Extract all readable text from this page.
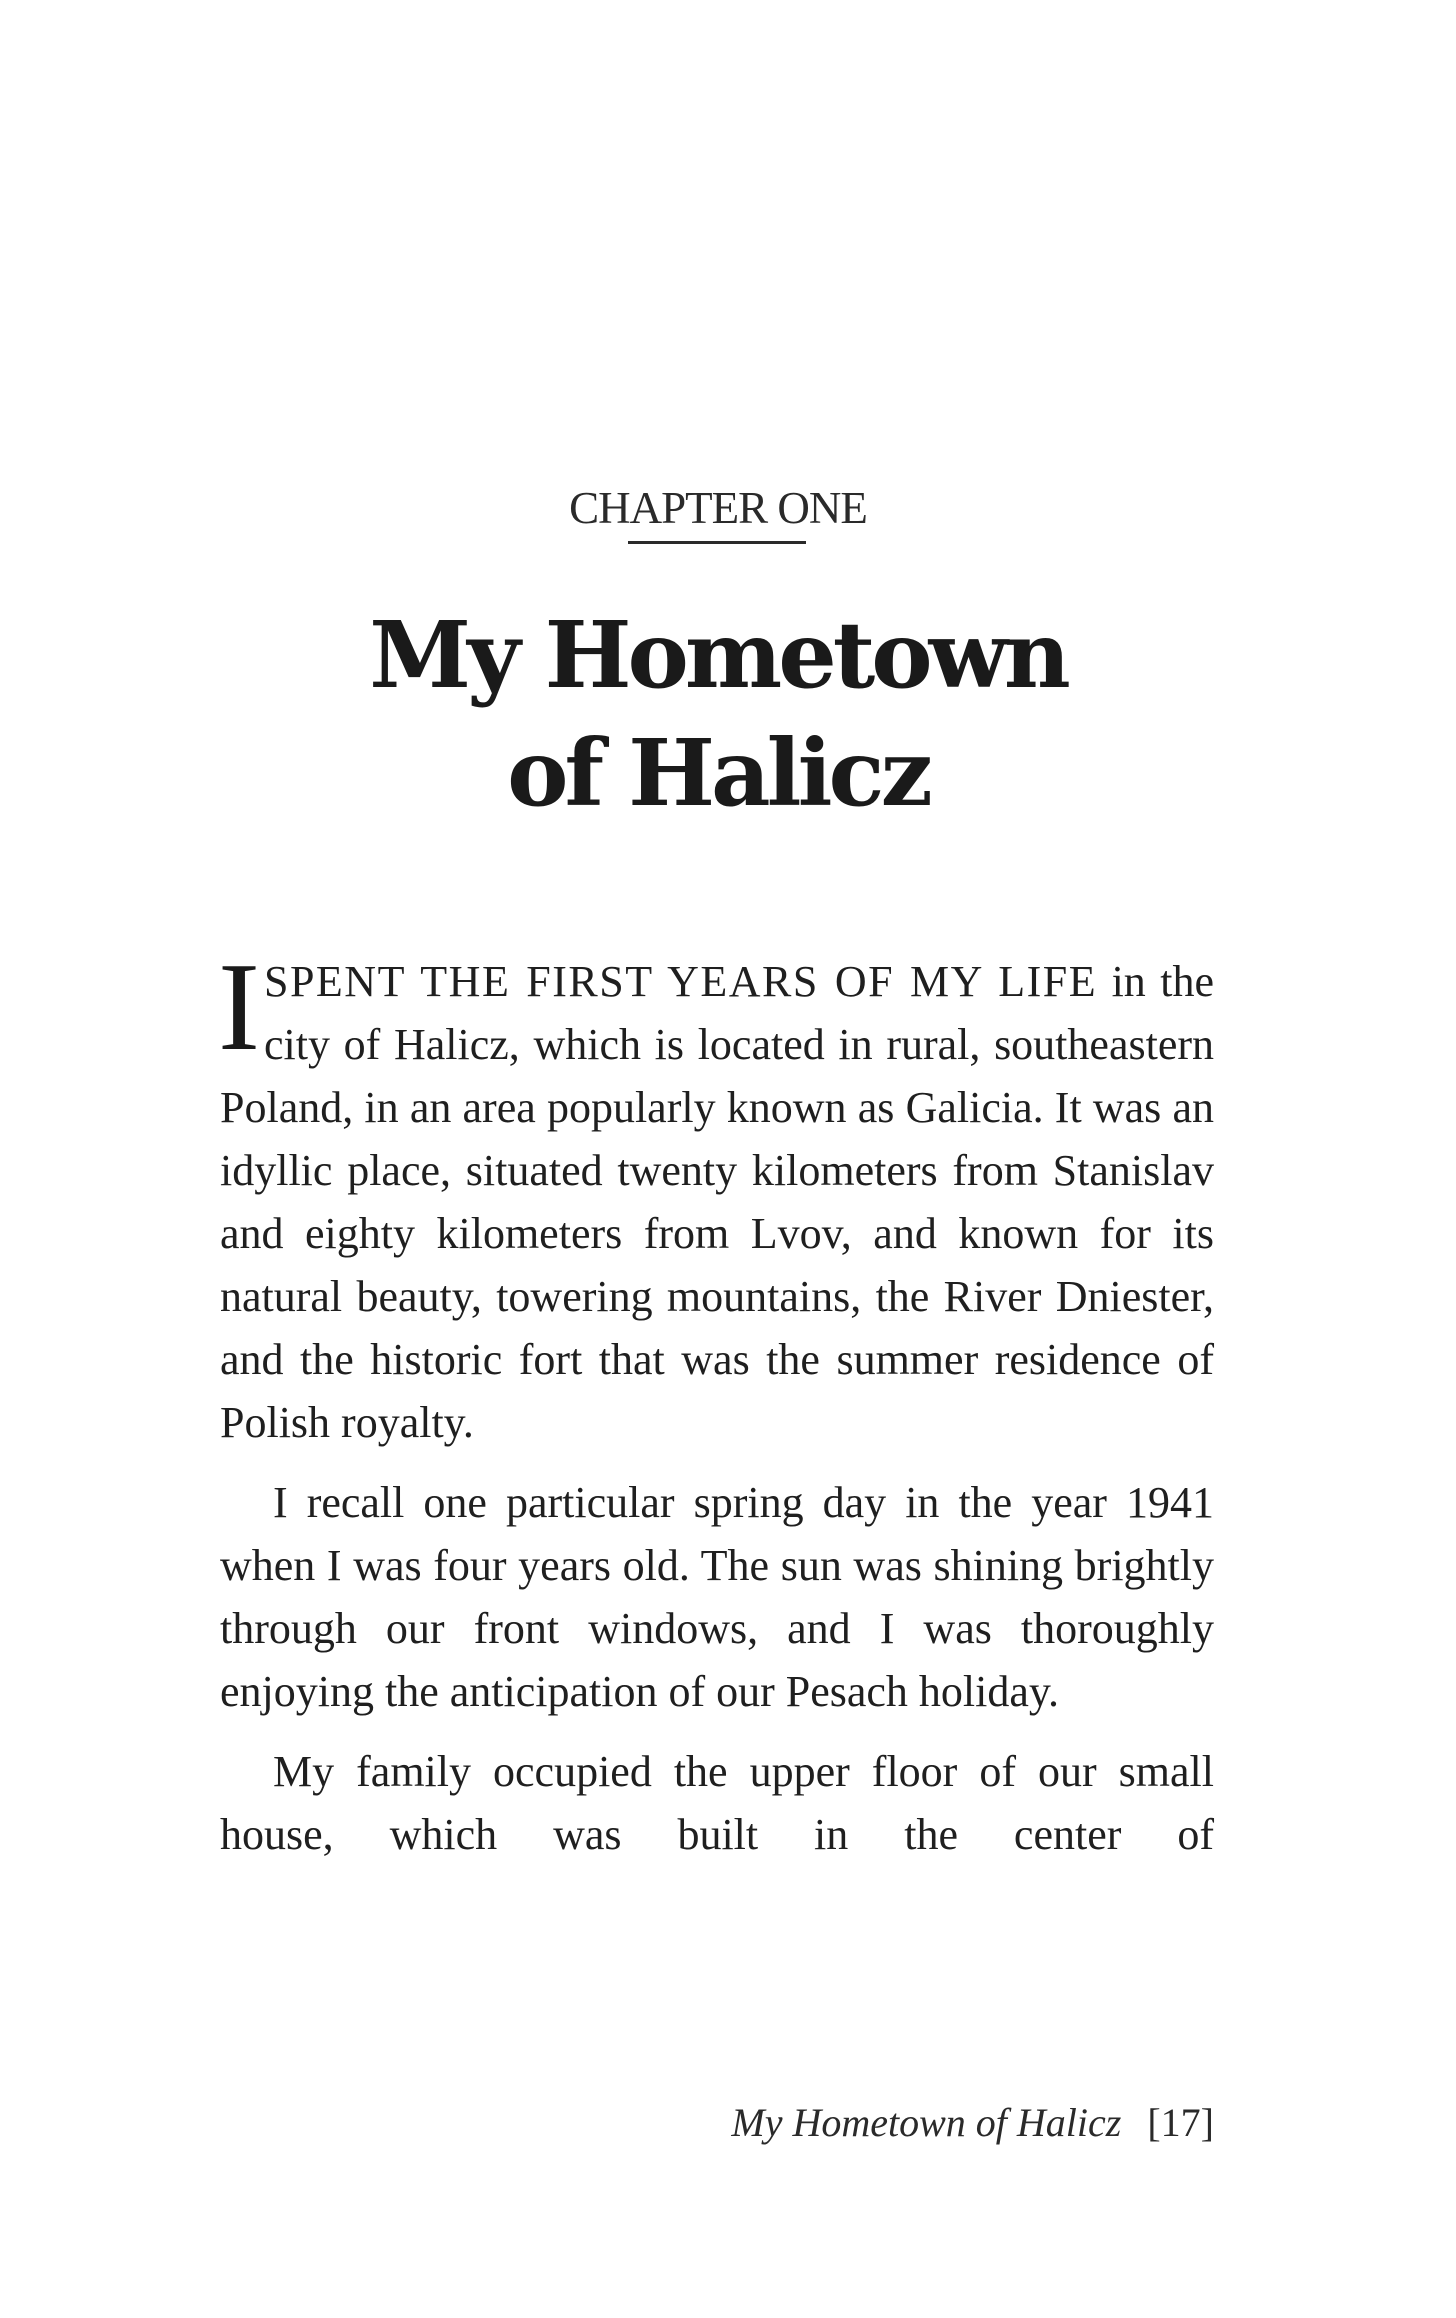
CHAPTER ONE
My Hometown
of Halicz

ISPENT THE FIRST YEARS OF MY LIFE in the city of Halicz, which is located in rural, southeastern Poland, in an area popularly known as Galicia. It was an idyllic place, situated twenty kilometers from Stanislav and eighty kilometers from Lvov, and known for its natural beauty, towering mountains, the River Dniester, and the historic fort that was the summer residence of Polish royalty.

I recall one particular spring day in the year 1941 when I was four years old. The sun was shining brightly through our front windows, and I was thoroughly enjoying the anticipation of our Pesach holiday.

My family occupied the upper floor of our small house, which was built in the center of

My Hometown of Halicz [17]
